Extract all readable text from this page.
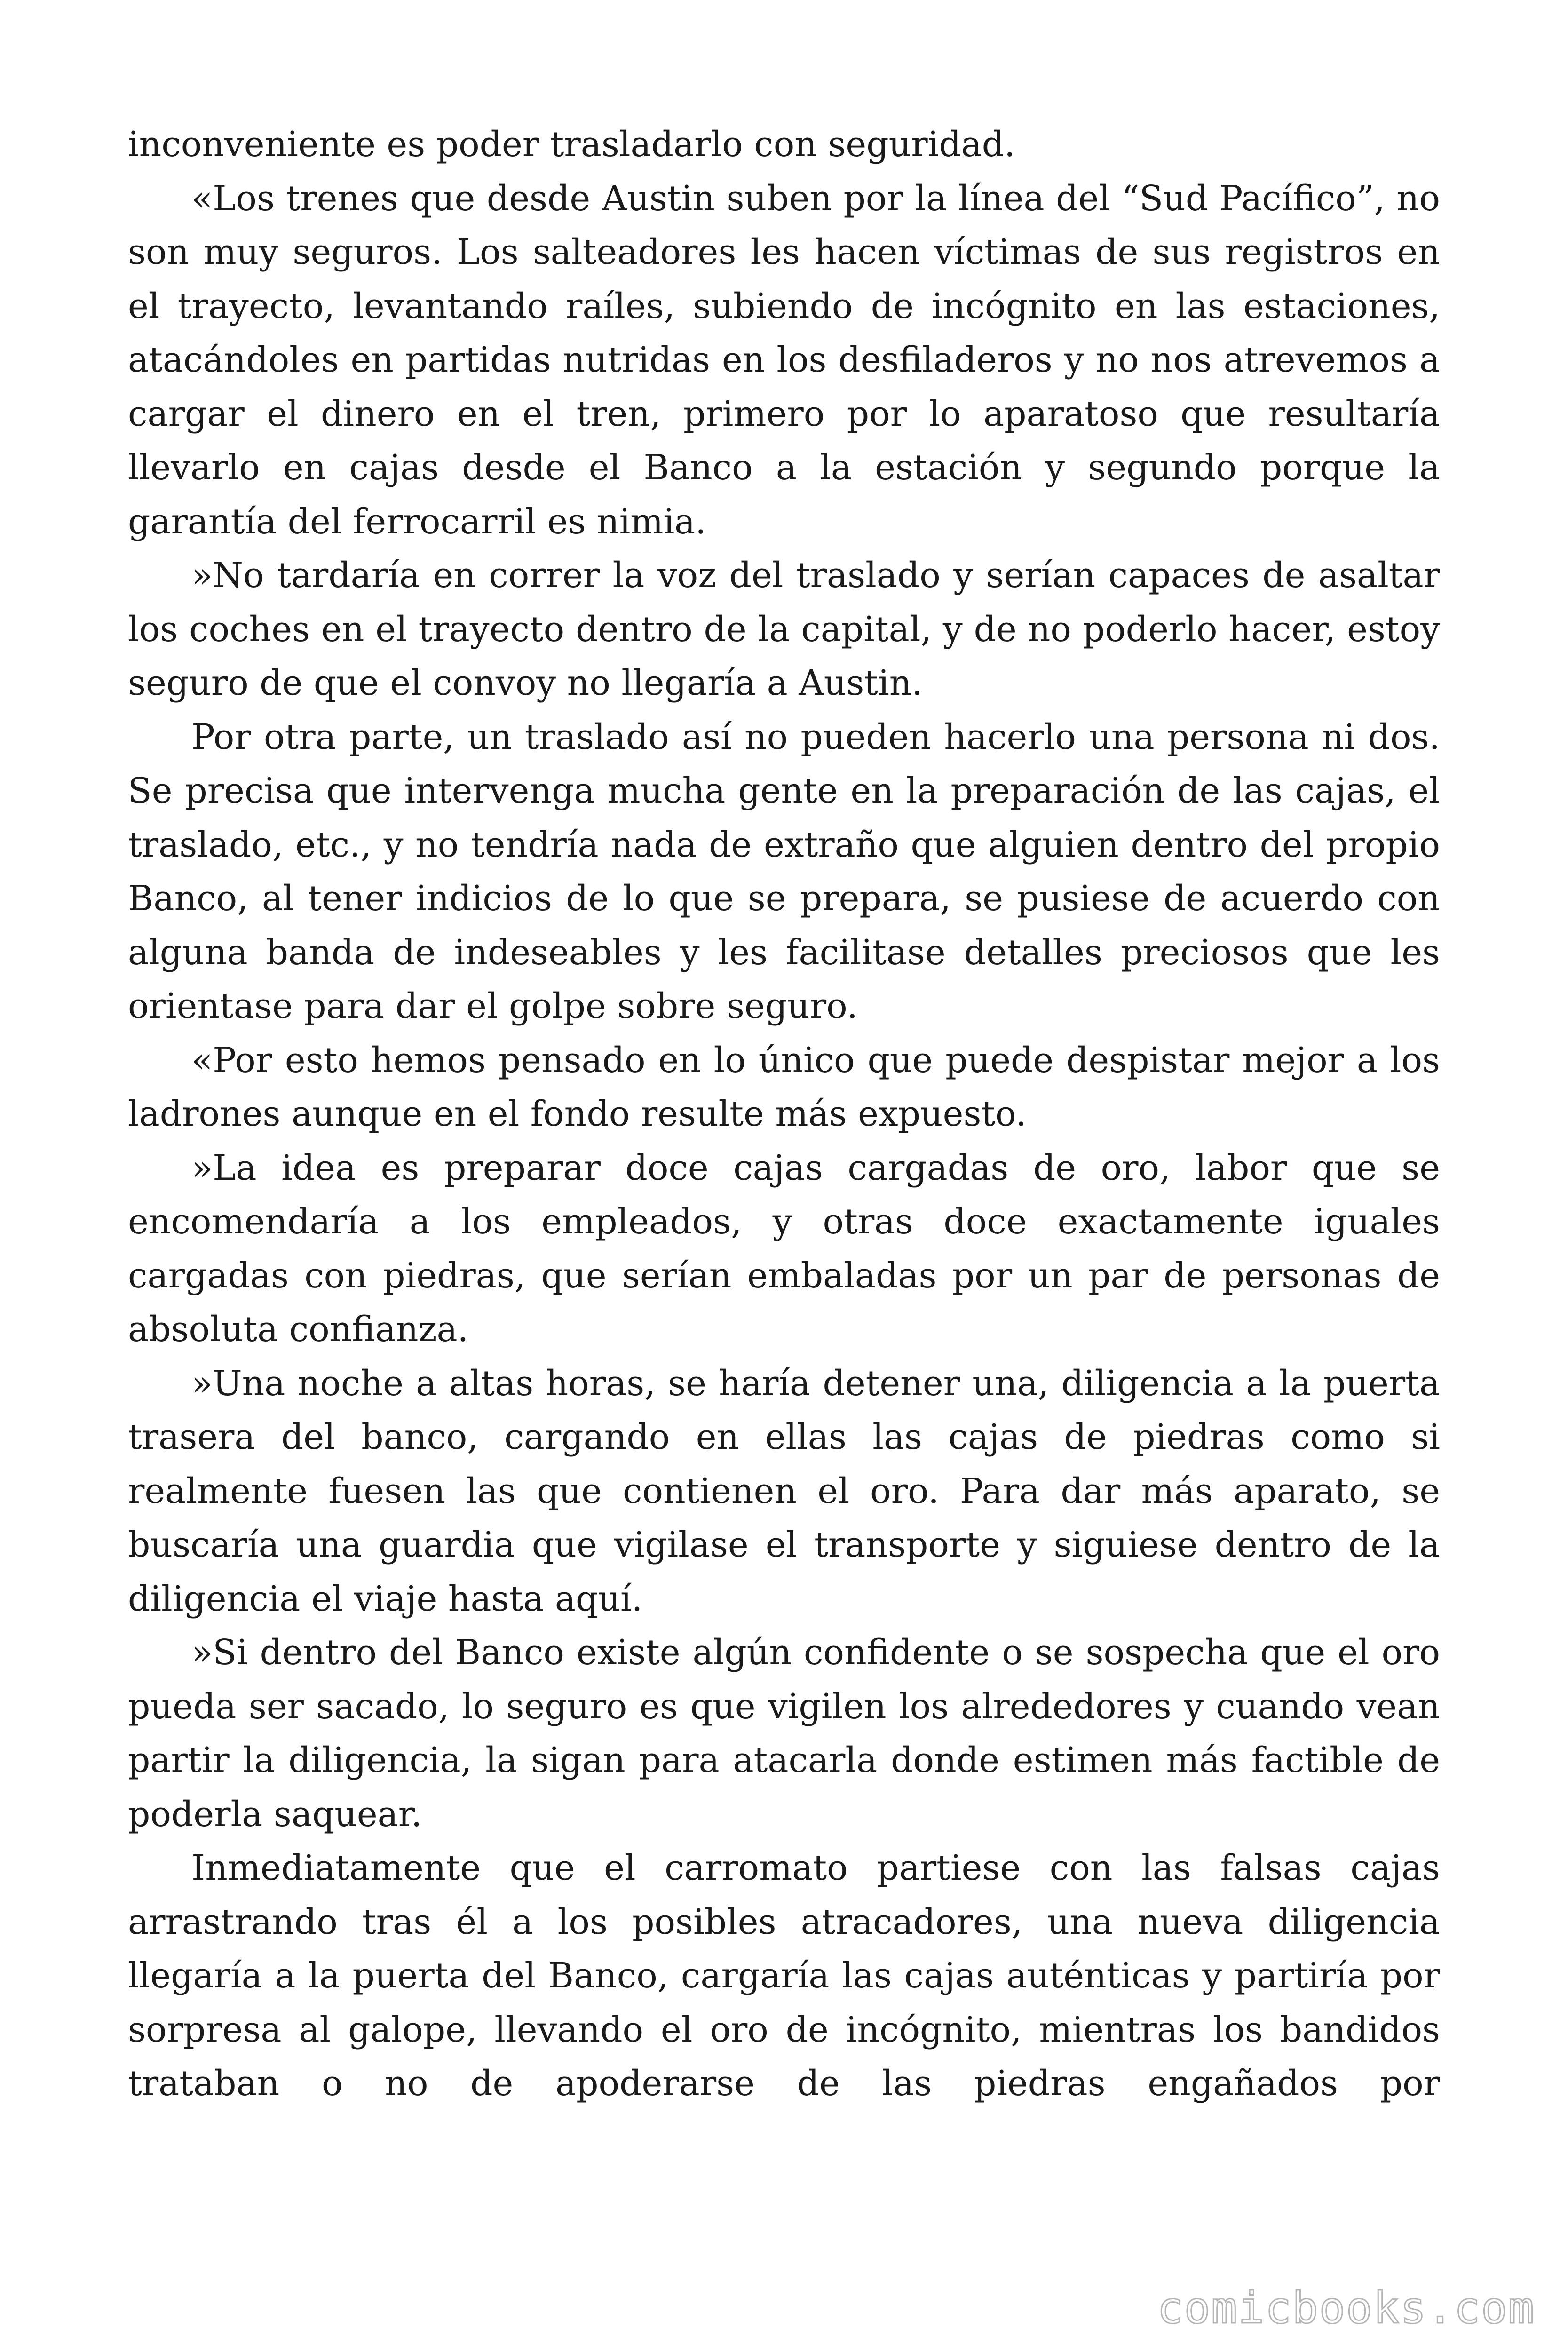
inconveniente es poder trasladarlo con seguridad.

«Los trenes que desde Austin suben por la línea del “Sud Pacífico”, no son muy seguros. Los salteadores les hacen víctimas de sus registros en el trayecto, levantando raíles, subiendo de incógnito en las estaciones, atacándoles en partidas nutridas en los desfiladeros y no nos atrevemos a cargar el dinero en el tren, primero por lo aparatoso que resultaría llevarlo en cajas desde el Banco a la estación y segundo porque la garantía del ferrocarril es nimia.

»No tardaría en correr la voz del traslado y serían capaces de asaltar los coches en el trayecto dentro de la capital, y de no poderlo hacer, estoy seguro de que el convoy no llegaría a Austin.

Por otra parte, un traslado así no pueden hacerlo una persona ni dos. Se precisa que intervenga mucha gente en la preparación de las cajas, el traslado, etc., y no tendría nada de extraño que alguien dentro del propio Banco, al tener indicios de lo que se prepara, se pusiese de acuerdo con alguna banda de indeseables y les facilitase detalles preciosos que les orientase para dar el golpe sobre seguro.

«Por esto hemos pensado en lo único que puede despistar mejor a los ladrones aunque en el fondo resulte más expuesto.

»La idea es preparar doce cajas cargadas de oro, labor que se encomendaría a los empleados, y otras doce exactamente iguales cargadas con piedras, que serían embaladas por un par de personas de absoluta confianza.

»Una noche a altas horas, se haría detener una, diligencia a la puerta trasera del banco, cargando en ellas las cajas de piedras como si realmente fuesen las que contienen el oro. Para dar más aparato, se buscaría una guardia que vigilase el transporte y siguiese dentro de la diligencia el viaje hasta aquí.

»Si dentro del Banco existe algún confidente o se sospecha que el oro pueda ser sacado, lo seguro es que vigilen los alrededores y cuando vean partir la diligencia, la sigan para atacarla donde estimen más factible de poderla saquear.

Inmediatamente que el carromato partiese con las falsas cajas arrastrando tras él a los posibles atracadores, una nueva diligencia llegaría a la puerta del Banco, cargaría las cajas auténticas y partiría por sorpresa al galope, llevando el oro de incógnito, mientras los bandidos trataban o no de apoderarse de las piedras engañados por

comicbooks.com
